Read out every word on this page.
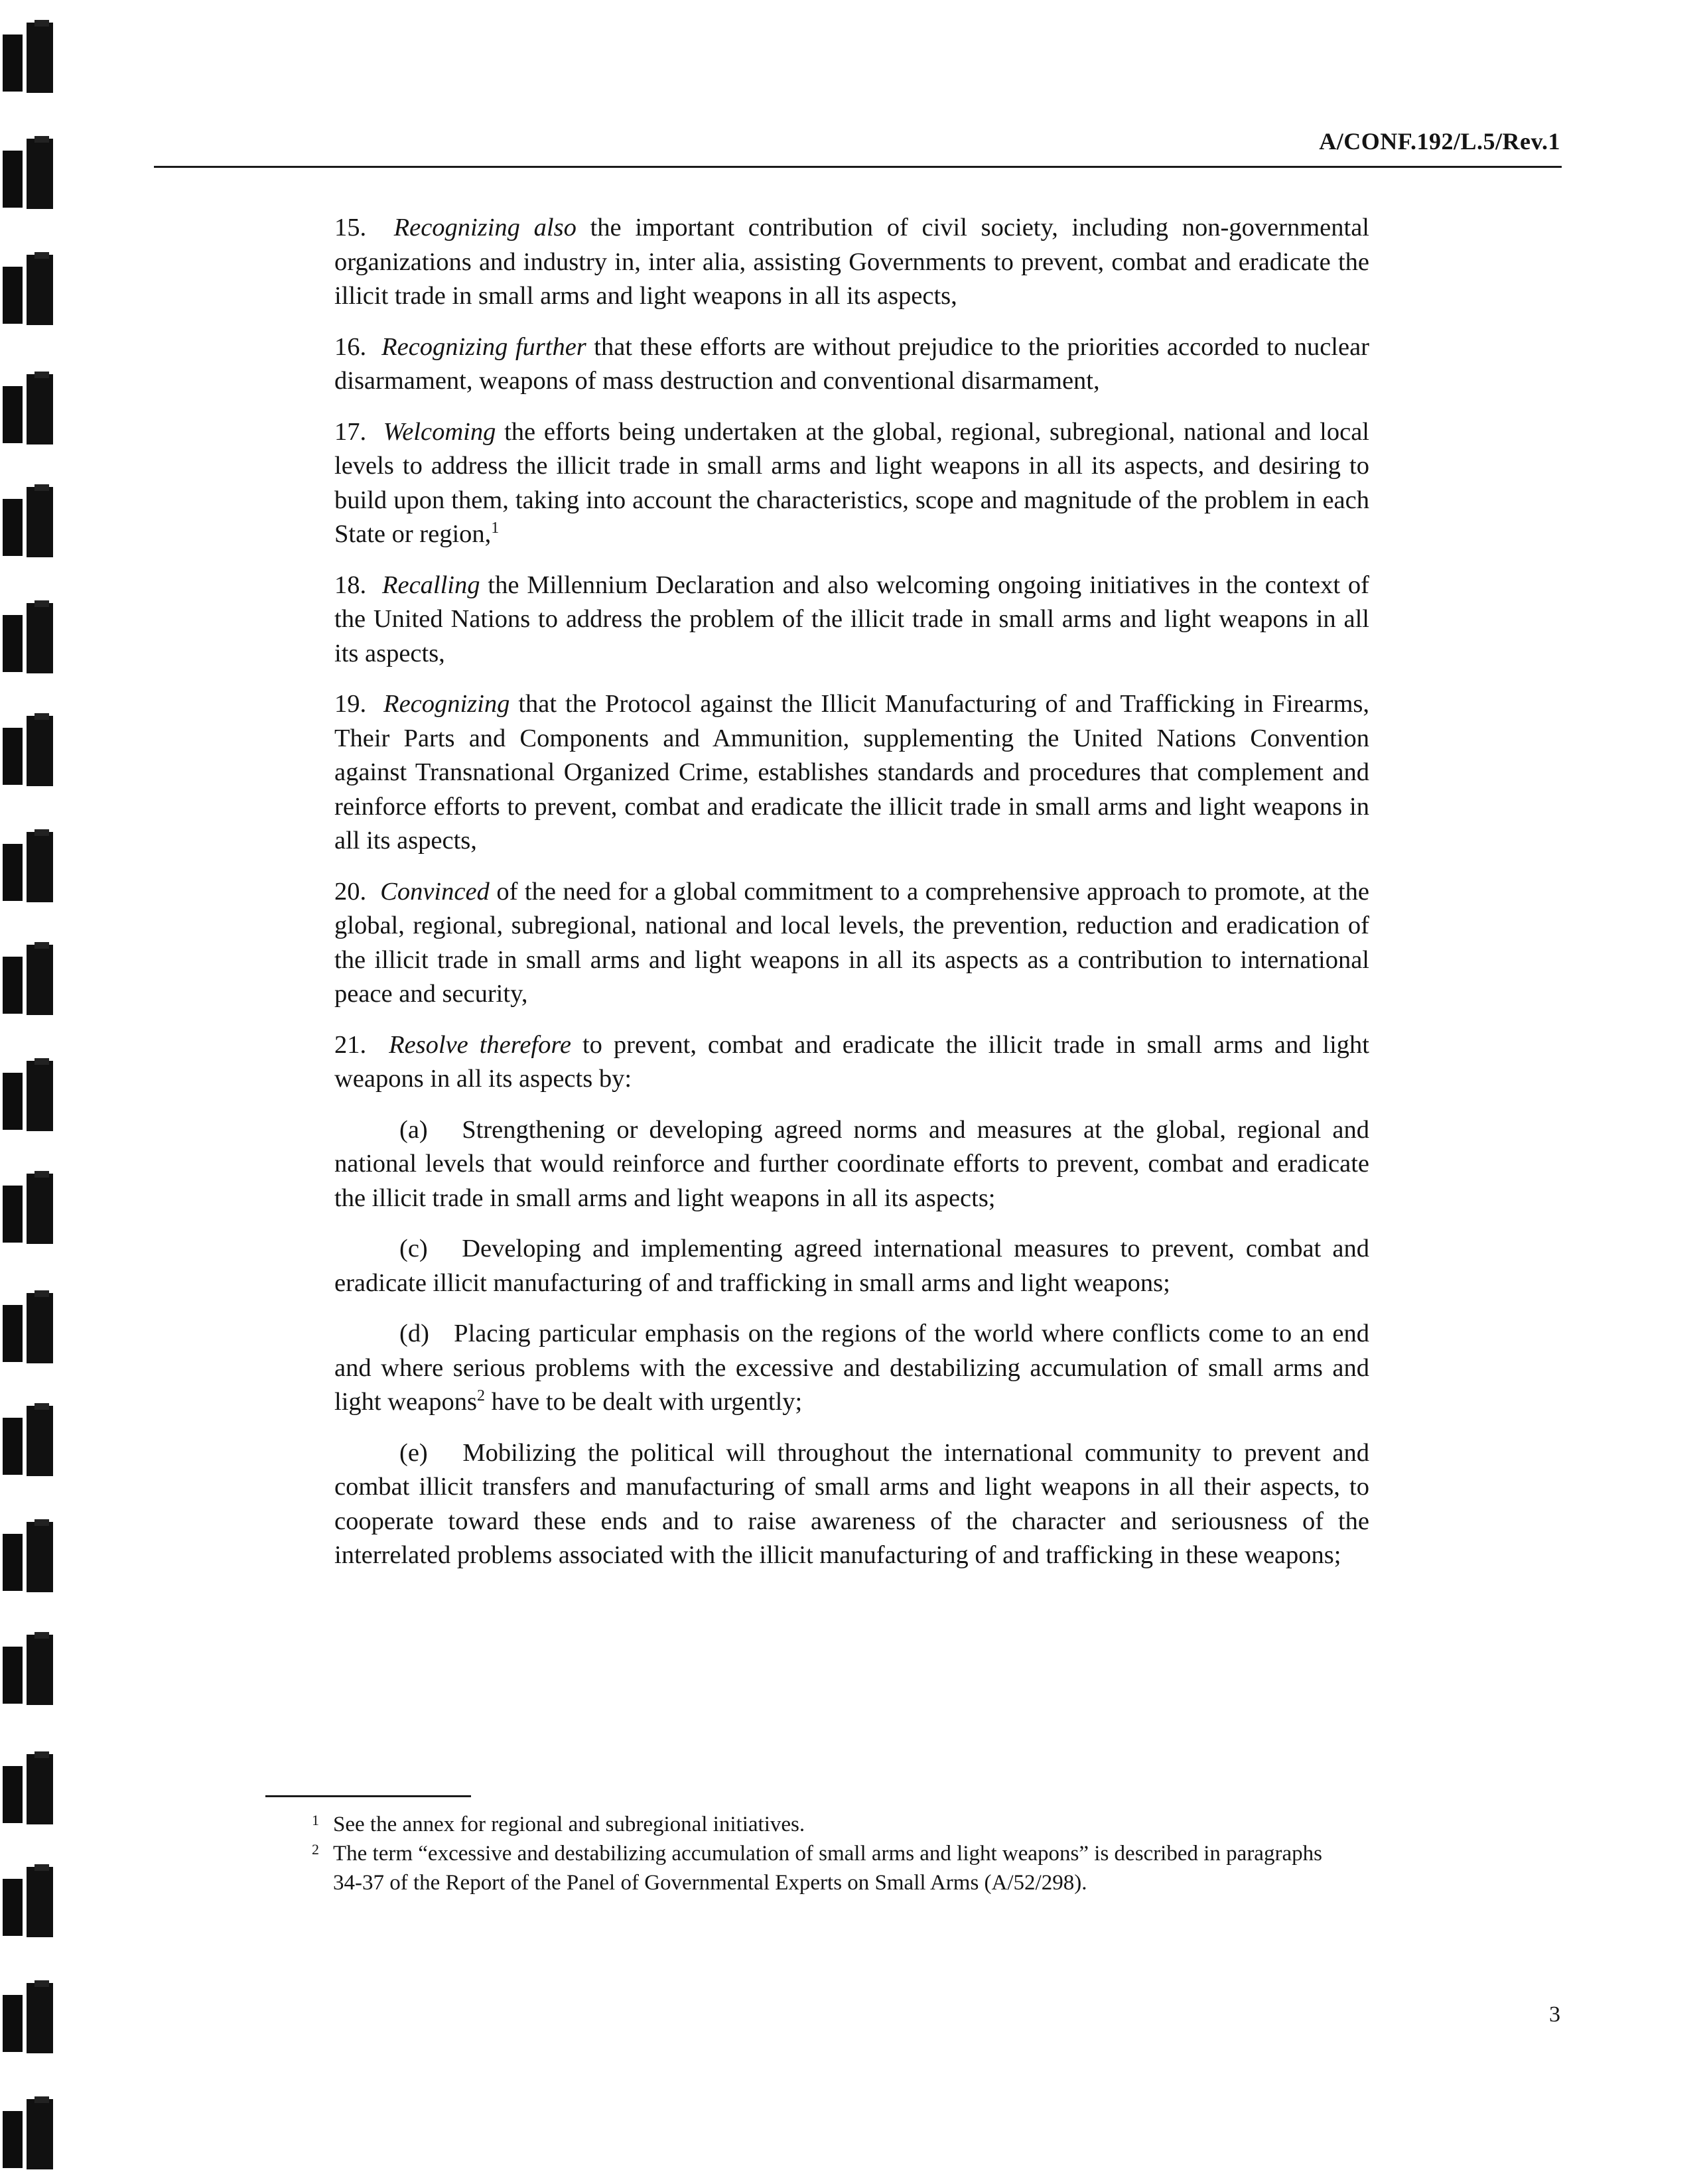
A/CONF.192/L.5/Rev.1

15. Recognizing also the important contribution of civil society, including non-governmental organizations and industry in, inter alia, assisting Governments to prevent, combat and eradicate the illicit trade in small arms and light weapons in all its aspects,

16. Recognizing further that these efforts are without prejudice to the priorities accorded to nuclear disarmament, weapons of mass destruction and conventional disarmament,

17. Welcoming the efforts being undertaken at the global, regional, subregional, national and local levels to address the illicit trade in small arms and light weapons in all its aspects, and desiring to build upon them, taking into account the characteristics, scope and magnitude of the problem in each State or region,$^1$

18. Recalling the Millennium Declaration and also welcoming ongoing initiatives in the context of the United Nations to address the problem of the illicit trade in small arms and light weapons in all its aspects,

19. Recognizing that the Protocol against the Illicit Manufacturing of and Trafficking in Firearms, Their Parts and Components and Ammunition, supplementing the United Nations Convention against Transnational Organized Crime, establishes standards and procedures that complement and reinforce efforts to prevent, combat and eradicate the illicit trade in small arms and light weapons in all its aspects,

20. Convinced of the need for a global commitment to a comprehensive approach to promote, at the global, regional, subregional, national and local levels, the prevention, reduction and eradication of the illicit trade in small arms and light weapons in all its aspects as a contribution to international peace and security,

21. Resolve therefore to prevent, combat and eradicate the illicit trade in small arms and light weapons in all its aspects by:

(a) Strengthening or developing agreed norms and measures at the global, regional and national levels that would reinforce and further coordinate efforts to prevent, combat and eradicate the illicit trade in small arms and light weapons in all its aspects;

(c) Developing and implementing agreed international measures to prevent, combat and eradicate illicit manufacturing of and trafficking in small arms and light weapons;

(d) Placing particular emphasis on the regions of the world where conflicts come to an end and where serious problems with the excessive and destabilizing accumulation of small arms and light weapons$^2$ have to be dealt with urgently;

(e) Mobilizing the political will throughout the international community to prevent and combat illicit transfers and manufacturing of small arms and light weapons in all their aspects, to cooperate toward these ends and to raise awareness of the character and seriousness of the interrelated problems associated with the illicit manufacturing of and trafficking in these weapons;

1 See the annex for regional and subregional initiatives.
2 The term “excessive and destabilizing accumulation of small arms and light weapons” is described in paragraphs 34-37 of the Report of the Panel of Governmental Experts on Small Arms (A/52/298).
3
